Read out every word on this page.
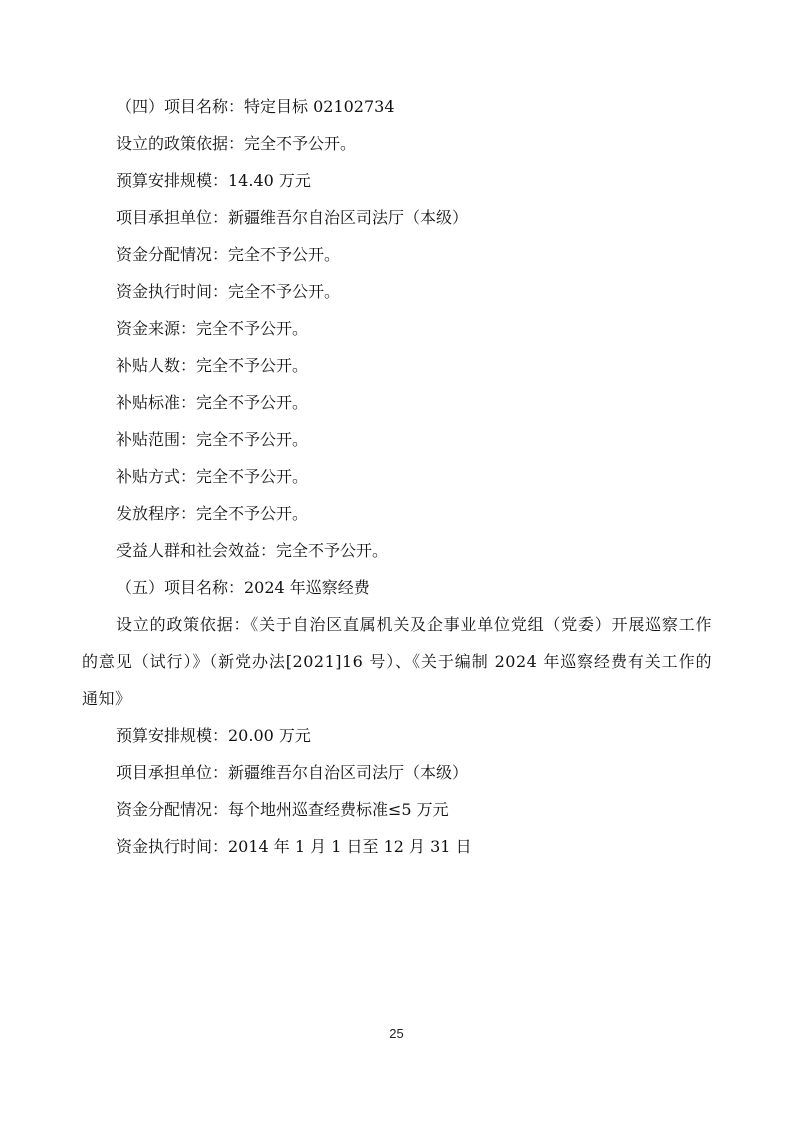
（四）项目名称：特定目标 02102734
设立的政策依据：完全不予公开。
预算安排规模：14.40 万元
项目承担单位：新疆维吾尔自治区司法厅（本级）
资金分配情况：完全不予公开。
资金执行时间：完全不予公开。
资金来源：完全不予公开。
补贴人数：完全不予公开。
补贴标准：完全不予公开。
补贴范围：完全不予公开。
补贴方式：完全不予公开。
发放程序：完全不予公开。
受益人群和社会效益：完全不予公开。
（五）项目名称：2024 年巡察经费
设立的政策依据：《关于自治区直属机关及企事业单位党组（党委）开展巡察工作的意见（试行）》（新党办法[2021]16 号）、《关于编制 2024 年巡察经费有关工作的通知》
预算安排规模：20.00 万元
项目承担单位：新疆维吾尔自治区司法厅（本级）
资金分配情况：每个地州巡查经费标准≤5 万元
资金执行时间：2014 年 1 月 1 日至 12 月 31 日
25
